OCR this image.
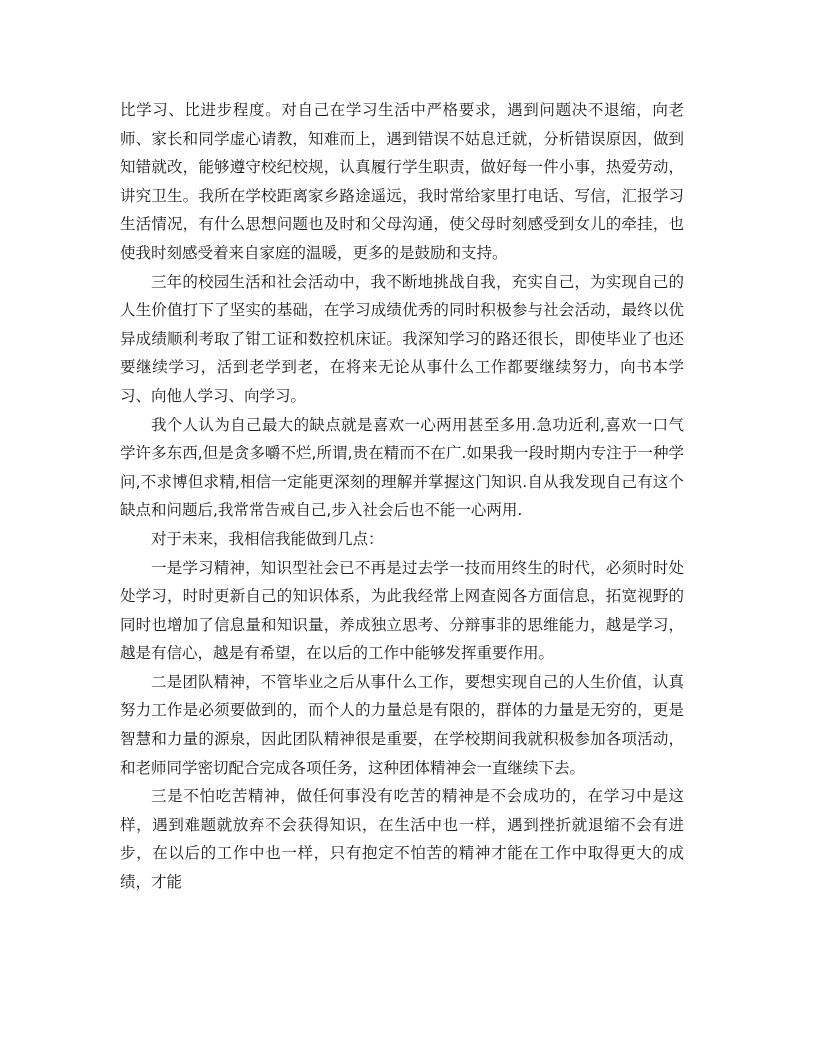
比学习、比进步程度。对自己在学习生活中严格要求，遇到问题决不退缩，向老师、家长和同学虚心请教，知难而上，遇到错误不姑息迁就，分析错误原因，做到知错就改，能够遵守校纪校规，认真履行学生职责，做好每一件小事，热爱劳动，讲究卫生。我所在学校距离家乡路途遥远，我时常给家里打电话、写信，汇报学习生活情况，有什么思想问题也及时和父母沟通，使父母时刻感受到女儿的牵挂，也使我时刻感受着来自家庭的温暖，更多的是鼓励和支持。

三年的校园生活和社会活动中，我不断地挑战自我，充实自己，为实现自己的人生价值打下了坚实的基础，在学习成绩优秀的同时积极参与社会活动，最终以优异成绩顺利考取了钳工证和数控机床证。我深知学习的路还很长，即使毕业了也还要继续学习，活到老学到老，在将来无论从事什么工作都要继续努力，向书本学习、向他人学习、向学习。

我个人认为自己最大的缺点就是喜欢一心两用甚至多用.急功近利,喜欢一口气学许多东西,但是贪多嚼不烂,所谓,贵在精而不在广.如果我一段时期内专注于一种学问,不求博但求精,相信一定能更深刻的理解并掌握这门知识.自从我发现自己有这个缺点和问题后,我常常告戒自己,步入社会后也不能一心两用.

对于未来，我相信我能做到几点：

一是学习精神，知识型社会已不再是过去学一技而用终生的时代，必须时时处处学习，时时更新自己的知识体系，为此我经常上网查阅各方面信息，拓宽视野的同时也增加了信息量和知识量，养成独立思考、分辩事非的思维能力，越是学习，越是有信心，越是有希望，在以后的工作中能够发挥重要作用。

二是团队精神，不管毕业之后从事什么工作，要想实现自己的人生价值，认真努力工作是必须要做到的，而个人的力量总是有限的，群体的力量是无穷的，更是智慧和力量的源泉，因此团队精神很是重要，在学校期间我就积极参加各项活动，和老师同学密切配合完成各项任务，这种团体精神会一直继续下去。

三是不怕吃苦精神，做任何事没有吃苦的精神是不会成功的，在学习中是这样，遇到难题就放弃不会获得知识，在生活中也一样，遇到挫折就退缩不会有进步，在以后的工作中也一样，只有抱定不怕苦的精神才能在工作中取得更大的成绩，才能
